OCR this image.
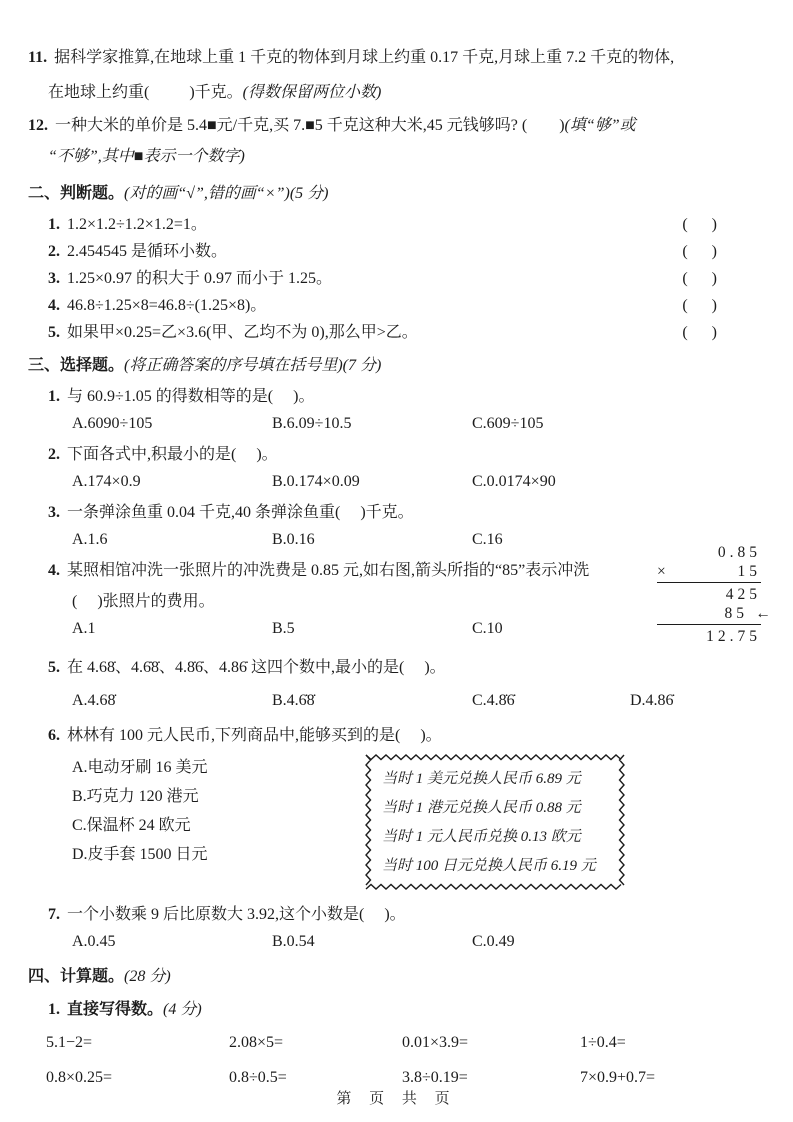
11. 据科学家推算,在地球上重 1 千克的物体到月球上约重 0.17 千克,月球上重 7.2 千克的物体,
在地球上约重(          )千克。(得数保留两位小数)
12. 一种大米的单价是 5.4■元/千克,买 7.■5 千克这种大米,45 元钱够吗? (        )(填“够”或
“不够”,其中■表示一个数字)
二、判断题。(对的画“√”,错的画“×”)(5 分)
1. 1.2×1.2÷1.2×1.2=1。	(      )
2. 2.454545 是循环小数。	(      )
3. 1.25×0.97 的积大于 0.97 而小于 1.25。	(      )
4. 46.8÷1.25×8=46.8÷(1.25×8)。	(      )
5. 如果甲×0.25=乙×3.6(甲、乙均不为 0),那么甲>乙。	(      )
三、选择题。(将正确答案的序号填在括号里)(7 分)
1. 与 60.9÷1.05 的得数相等的是(     )。
A.6090÷105	B.6.09÷10.5	C.609÷105
2. 下面各式中,积最小的是(     )。
A.174×0.9	B.0.174×0.09	C.0.0174×90
3. 一条弹涂鱼重 0.04 千克,40 条弹涂鱼重(     )千克。
A.1.6	B.0.16	C.16
4. 某照相馆冲洗一张照片的冲洗费是 0.85 元,如右图,箭头所指的“85”表示冲洗
(     )张照片的费用。
A.1	B.5	C.10
0.85
×	15
425
85 ←
12.75
5. 在 4.68̇、4.6̇8̇、4.8̇6̇、4.86̇ 这四个数中,最小的是(     )。
A.4.68̇	B.4.6̇8̇	C.4.8̇6̇	D.4.86̇
6. 林林有 100 元人民币,下列商品中,能够买到的是(     )。
A.电动牙刷 16 美元
B.巧克力 120 港元
C.保温杯 24 欧元
D.皮手套 1500 日元
当时 1 美元兑换人民币 6.89 元
当时 1 港元兑换人民币 0.88 元
当时 1 元人民币兑换 0.13 欧元
当时 100 日元兑换人民币 6.19 元
7. 一个小数乘 9 后比原数大 3.92,这个小数是(     )。
A.0.45	B.0.54	C.0.49
四、计算题。(28 分)
1. 直接写得数。(4 分)
5.1−2=	2.08×5=	0.01×3.9=	1÷0.4=
0.8×0.25=	0.8÷0.5=	3.8÷0.19=	7×0.9+0.7=
第 页 共 页
